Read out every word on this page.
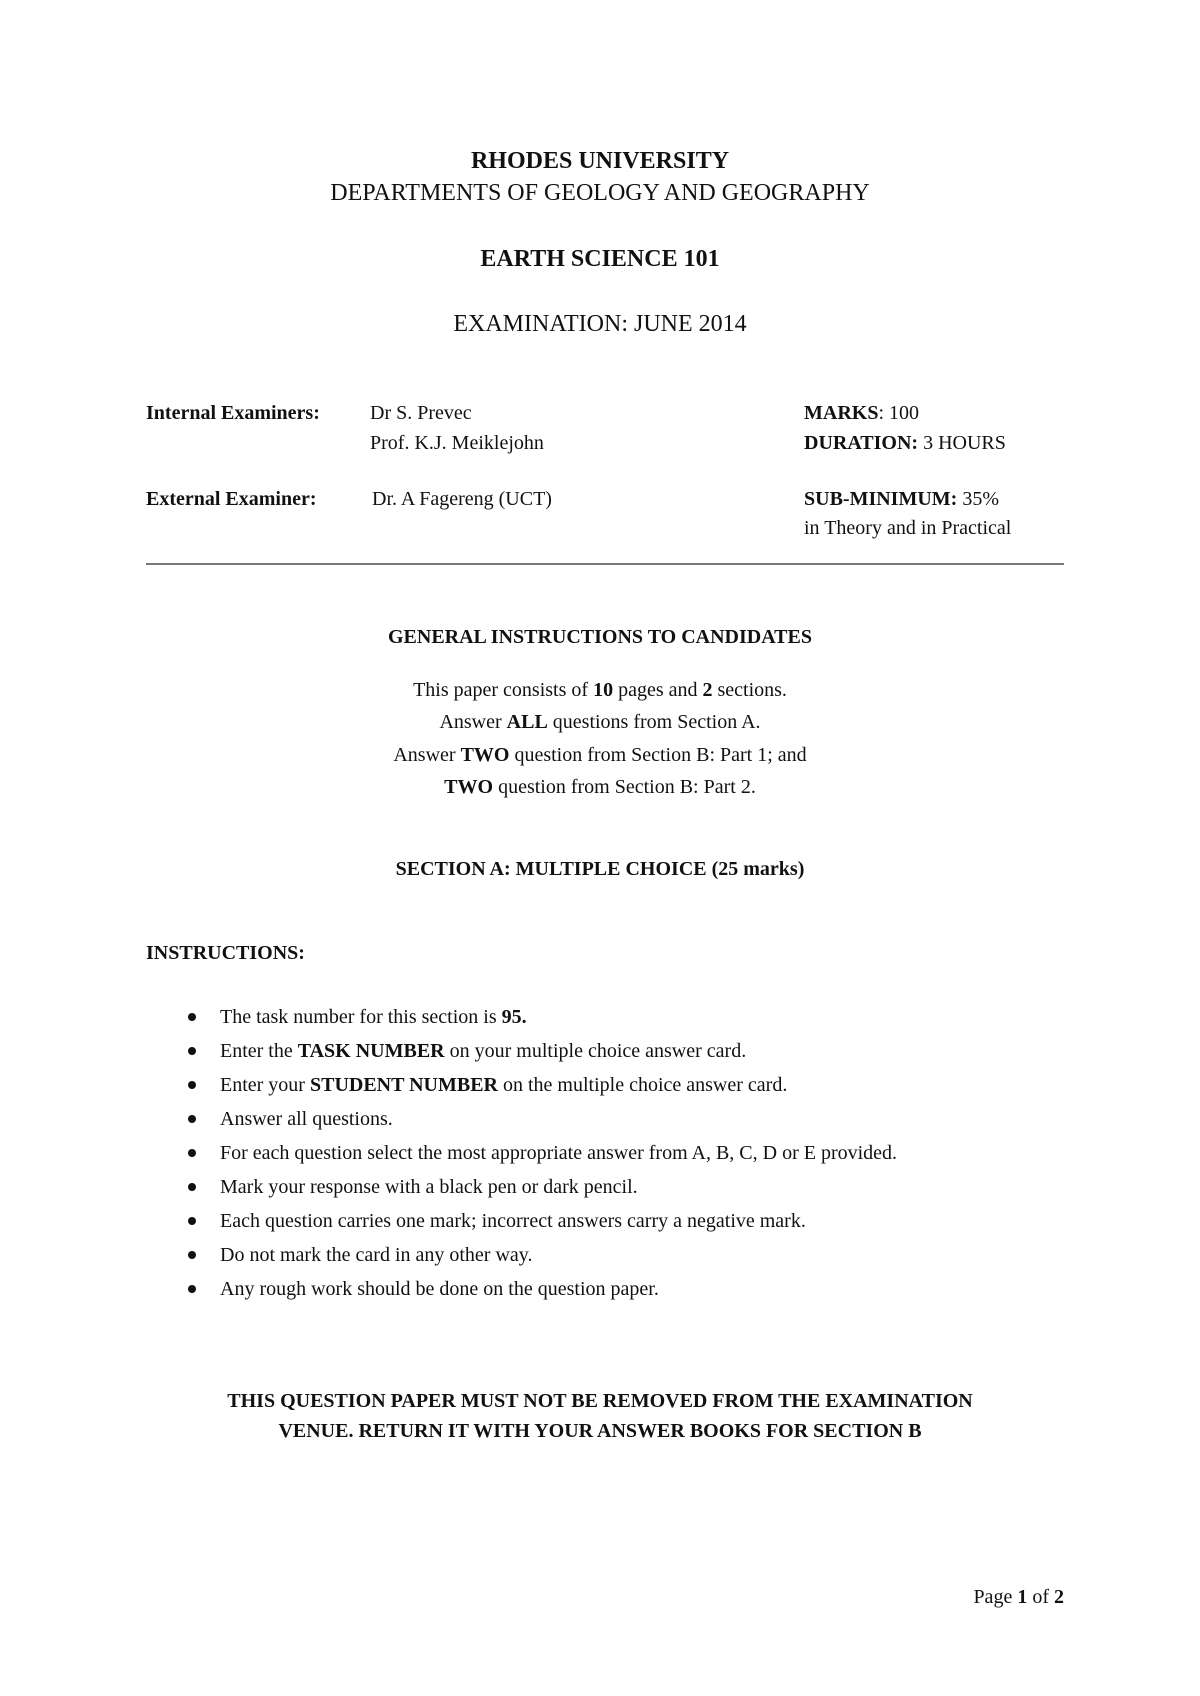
RHODES UNIVERSITY
DEPARTMENTS OF GEOLOGY AND GEOGRAPHY
EARTH SCIENCE 101
EXAMINATION: JUNE 2014
Internal Examiners:	Dr S. Prevec
Prof. K.J. Meiklejohn
External Examiner:	Dr. A Fagereng (UCT)
MARKS: 100
DURATION: 3 HOURS
SUB-MINIMUM: 35%
in Theory and in Practical
GENERAL INSTRUCTIONS TO CANDIDATES
This paper consists of 10 pages and 2 sections.
Answer ALL questions from Section A.
Answer TWO question from Section B: Part 1; and
TWO question from Section B: Part 2.
SECTION A: MULTIPLE CHOICE (25 marks)
INSTRUCTIONS:
The task number for this section is 95.
Enter the TASK NUMBER on your multiple choice answer card.
Enter your STUDENT NUMBER on the multiple choice answer card.
Answer all questions.
For each question select the most appropriate answer from A, B, C, D or E provided.
Mark your response with a black pen or dark pencil.
Each question carries one mark; incorrect answers carry a negative mark.
Do not mark the card in any other way.
Any rough work should be done on the question paper.
THIS QUESTION PAPER MUST NOT BE REMOVED FROM THE EXAMINATION
VENUE. RETURN IT WITH YOUR ANSWER BOOKS FOR SECTION B
Page 1 of 2
